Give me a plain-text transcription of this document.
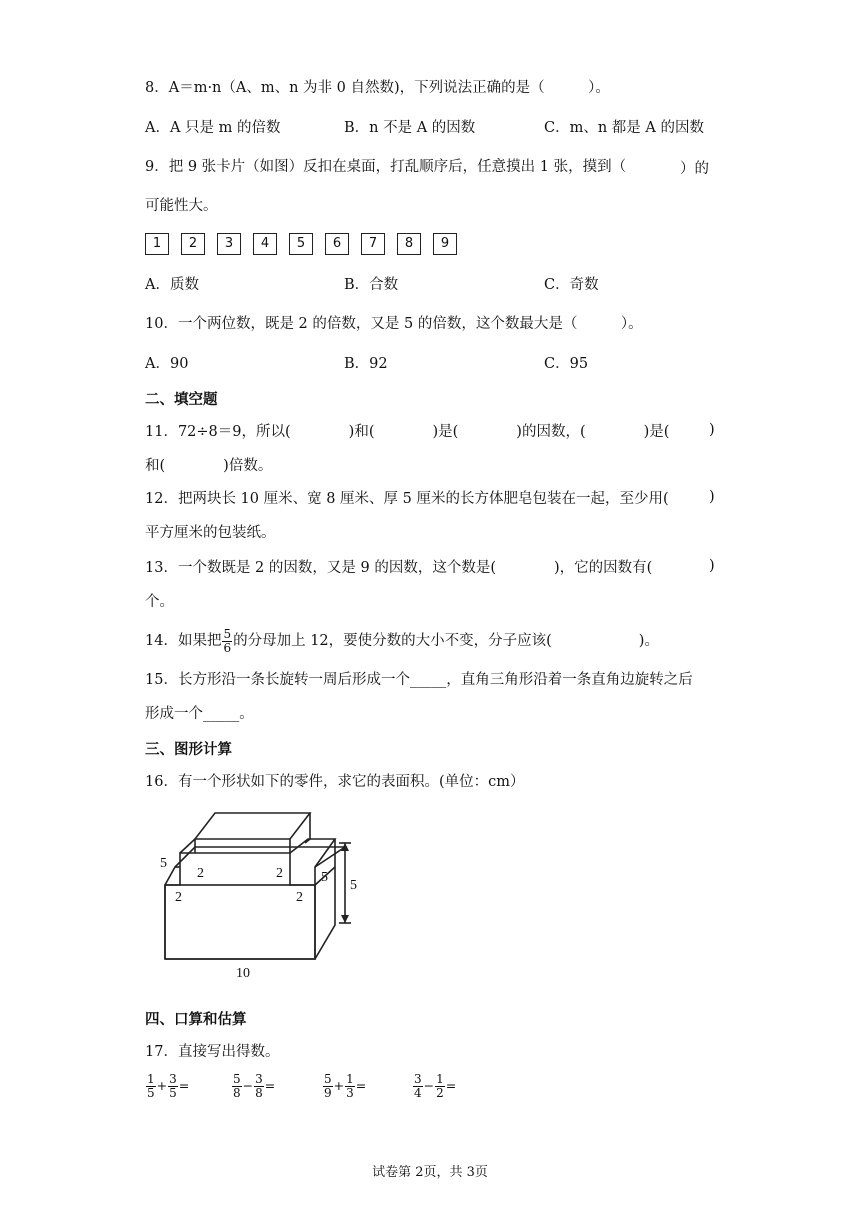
8．A＝m·n（A、m、n 为非 0 自然数)，下列说法正确的是（　　　）。
A．A 只是 m 的倍数	B．n 不是 A 的因数	C．m、n 都是 A 的因数
9．把 9 张卡片（如图）反扣在桌面，打乱顺序后，任意摸出 1 张，摸到（	）的
可能性大。
1	2	3	4	5	6	7	8	9
A．质数	B．合数	C．奇数
10．一个两位数，既是 2 的倍数，又是 5 的倍数，这个数最大是（　　　）。
A．90	B．92	C．95
二、填空题
11．72÷8＝9，所以(　　　　)和(　　　　)是(　　　　)的因数，(　　　　)是(	)
和(　　　　)倍数。
12．把两块长 10 厘米、宽 8 厘米、厚 5 厘米的长方体肥皂包装在一起，至少用(	)
平方厘米的包装纸。
13．一个数既是 2 的因数，又是 9 的因数，这个数是(　　　　)，它的因数有(	)
个。
14．如果把 $\frac{5}{6}$ 的分母加上 12，要使分数的大小不变，分子应该(　　　　　　)。
15．长方形沿一条长旋转一周后形成一个_____，直角三角形沿着一条直角边旋转之后
形成一个_____。
三、图形计算
16．有一个形状如下的零件，求它的表面积。(单位：cm）
5
2
2
2
2
5
5
10
四、口算和估算
17．直接写出得数。
$\frac{1}{5} + \frac{3}{5}$ =	$\frac{5}{8} - \frac{3}{8}$ =	$\frac{5}{9} + \frac{1}{3}$ =	$\frac{3}{4} - \frac{1}{2}$ =
试卷第 2页，共 3页
